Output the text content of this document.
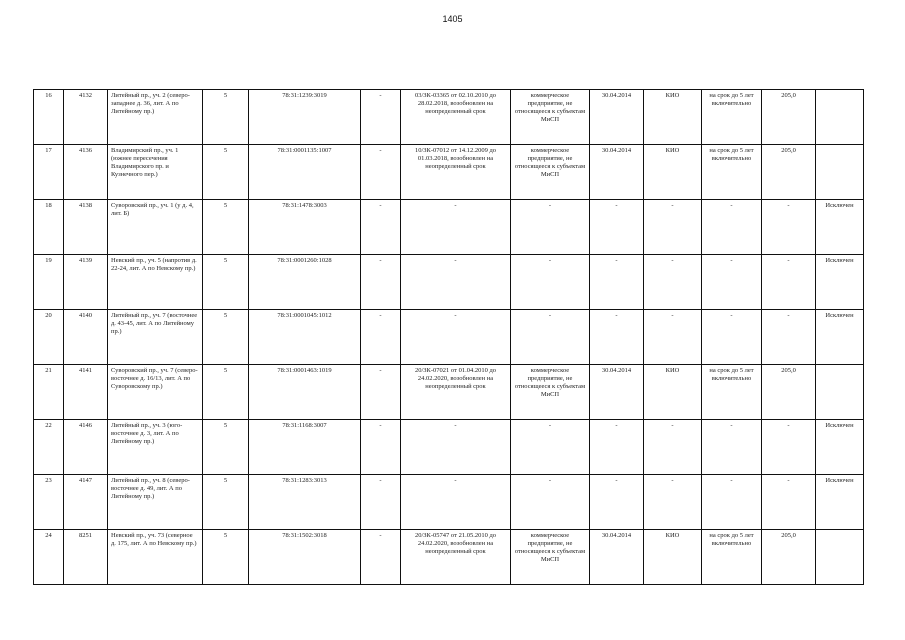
1405
16	4132	Литейный пр., уч. 2 (северо-западнее д. 36, лит. А по Литейному пр.)	5	78:31:1239:3019	-	03/ЗК-03365 от 02.10.2010 до 28.02.2018, возобновлен на неопределенный срок	коммерческое предприятие, не относящееся к субъектам МиСП	30.04.2014	КИО	на срок до 5 лет включительно	205,0	
17	4136	Владимирский пр., уч. 1 (южнее пересечения Владимирского пр. и Кузнечного пер.)	5	78:31:0001135:1007	-	10/ЗК-07012 от 14.12.2009 до 01.03.2018, возобновлен на неопределенный срок	коммерческое предприятие, не относящееся к субъектам МиСП	30.04.2014	КИО	на срок до 5 лет включительно	205,0	
18	4138	Суворовский пр., уч. 1 (у д. 4, лит. Б)	5	78:31:1478:3003	-	-	-	-	-	-	-	Исключен
19	4139	Невский пр., уч. 5 (напротив д. 22-24, лит. А по Невскому пр.)	5	78:31:0001260:1028	-	-	-	-	-	-	-	Исключен
20	4140	Литейный пр., уч. 7 (восточнее д. 43-45, лит. А по Литейному пр.)	5	78:31:0001045:1012	-	-	-	-	-	-	-	Исключен
21	4141	Суворовский пр., уч. 7 (северо-восточнее д. 16/13, лит. А по Суворовскому пр.)	5	78:31:0001463:1019	-	20/ЗК-07021 от 01.04.2010 до 24.02.2020, возобновлен на неопределенный срок	коммерческое предприятие, не относящееся к субъектам МиСП	30.04.2014	КИО	на срок до 5 лет включительно	205,0	
22	4146	Литейный пр., уч. 3 (юго-восточнее д. 3, лит. А по Литейному пр.)	5	78:31:1168:3007	-	-	-	-	-	-	-	Исключен
23	4147	Литейный пр., уч. 8 (северо-восточнее д. 49, лит. А по Литейному пр.)	5	78:31:1283:3013	-	-	-	-	-	-	-	Исключен
24	8251	Невский пр., уч. 73 (северное д. 175, лит. А по Невскому пр.)	5	78:31:1502:3018	-	20/ЗК-05747 от 21.05.2010 до 24.02.2020, возобновлен на неопределенный срок	коммерческое предприятие, не относящееся к субъектам МиСП	30.04.2014	КИО	на срок до 5 лет включительно	205,0	
